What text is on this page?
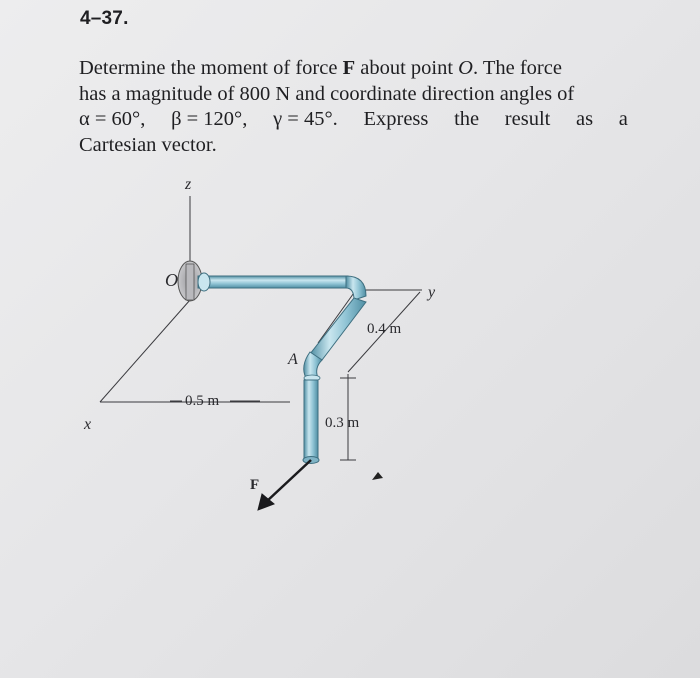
4–37.
Determine the moment of force F about point O. The force
has a magnitude of 800 N and coordinate direction angles of
α = 60°, β = 120°, γ = 45°. Express the result as a
Cartesian vector.
z
x
y
O
A
F
0.5 m
0.4 m
0.3 m
